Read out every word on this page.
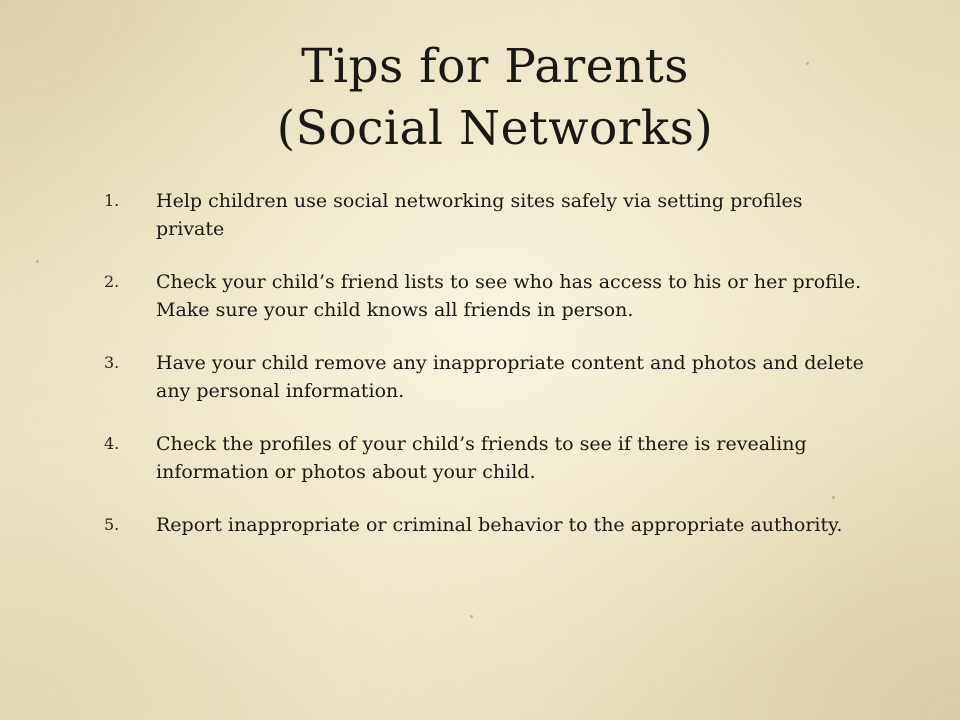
Tips for Parents
(Social Networks)
1.	Help children use social networking sites safely via setting profiles private
2.	Check your child’s friend lists to see who has access to his or her profile. Make sure your child knows all friends in person.
3.	Have your child remove any inappropriate content and photos and delete any personal information.
4.	Check the profiles of your child’s friends to see if there is revealing information or photos about your child.
5.	Report inappropriate or criminal behavior to the appropriate authority.
